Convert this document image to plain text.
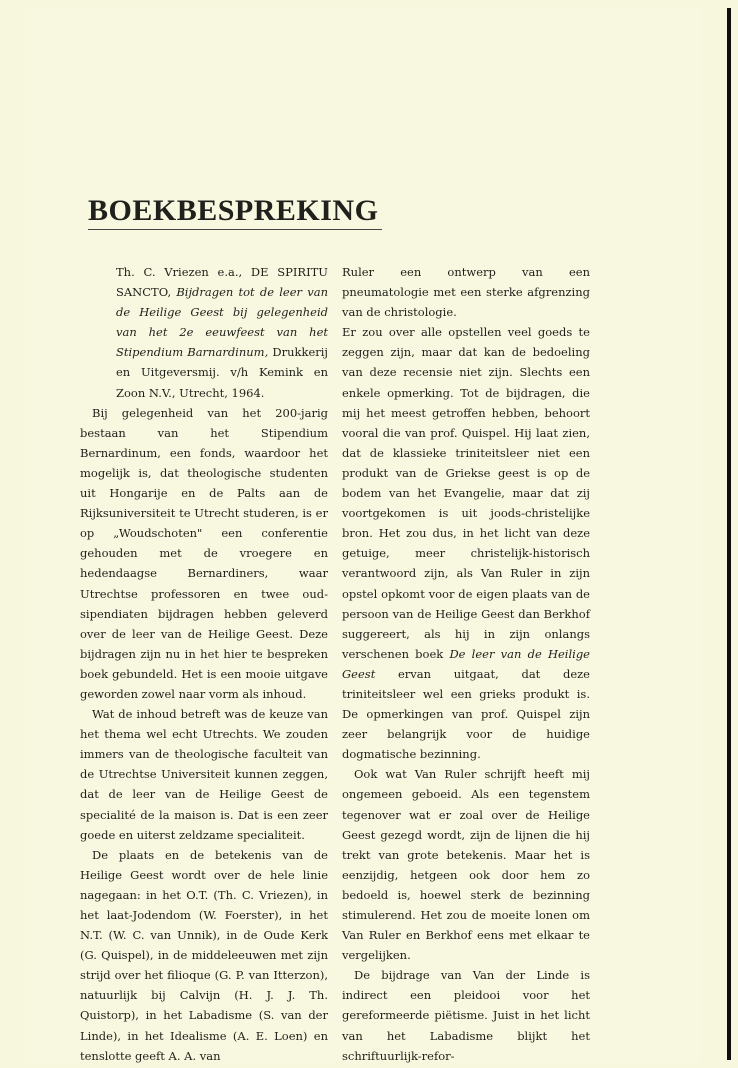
BOEKBESPREKING

Th. C. Vriezen e.a., DE SPIRITU SANCTO, Bijdragen tot de leer van de Heilige Geest bij gelegenheid van het 2e eeuwfeest van het Stipendium Barnardinum, Drukkerij en Uitgeversmij. v/h Kemink en Zoon N.V., Utrecht, 1964.

Bij gelegenheid van het 200-jarig bestaan van het Stipendium Bernardinum, een fonds, waardoor het mogelijk is, dat theologische studenten uit Hongarije en de Palts aan de Rijksuniversiteit te Utrecht studeren, is er op „Woudschoten" een conferentie gehouden met de vroegere en hedendaagse Bernardiners, waar Utrechtse professoren en twee oud-sipendiaten bijdragen hebben geleverd over de leer van de Heilige Geest. Deze bijdragen zijn nu in het hier te bespreken boek gebundeld. Het is een mooie uitgave geworden zowel naar vorm als inhoud.

Wat de inhoud betreft was de keuze van het thema wel echt Utrechts. We zouden immers van de theologische faculteit van de Utrechtse Universiteit kunnen zeggen, dat de leer van de Heilige Geest de specialité de la maison is. Dat is een zeer goede en uiterst zeldzame specialiteit.

De plaats en de betekenis van de Heilige Geest wordt over de hele linie nagegaan: in het O.T. (Th. C. Vriezen), in het laat-Jodendom (W. Foerster), in het N.T. (W. C. van Unnik), in de Oude Kerk (G. Quispel), in de middeleeuwen met zijn strijd over het filioque (G. P. van Itterzon), natuurlijk bij Calvijn (H. J. J. Th. Quistorp), in het Labadisme (S. van der Linde), in het Idealisme (A. E. Loen) en tenslotte geeft A. A. van

Ruler een ontwerp van een pneumatologie met een sterke afgrenzing van de christologie.

Er zou over alle opstellen veel goeds te zeggen zijn, maar dat kan de bedoeling van deze recensie niet zijn. Slechts een enkele opmerking. Tot de bijdragen, die mij het meest getroffen hebben, behoort vooral die van prof. Quispel. Hij laat zien, dat de klassieke triniteitsleer niet een produkt van de Griekse geest is op de bodem van het Evangelie, maar dat zij voortgekomen is uit joods-christelijke bron. Het zou dus, in het licht van deze getuige, meer christelijk-historisch verantwoord zijn, als Van Ruler in zijn opstel opkomt voor de eigen plaats van de persoon van de Heilige Geest dan Berkhof suggereert, als hij in zijn onlangs verschenen boek De leer van de Heilige Geest ervan uitgaat, dat deze triniteitsleer wel een grieks produkt is. De opmerkingen van prof. Quispel zijn zeer belangrijk voor de huidige dogmatische bezinning.

Ook wat Van Ruler schrijft heeft mij ongemeen geboeid. Als een tegenstem tegenover wat er zoal over de Heilige Geest gezegd wordt, zijn de lijnen die hij trekt van grote betekenis. Maar het is eenzijdig, hetgeen ook door hem zo bedoeld is, hoewel sterk de bezinning stimulerend. Het zou de moeite lonen om Van Ruler en Berkhof eens met elkaar te vergelijken.

De bijdrage van Van der Linde is indirect een pleidooi voor het gereformeerde piëtisme. Juist in het licht van het Labadisme blijkt het schriftuurlijk-refor-
